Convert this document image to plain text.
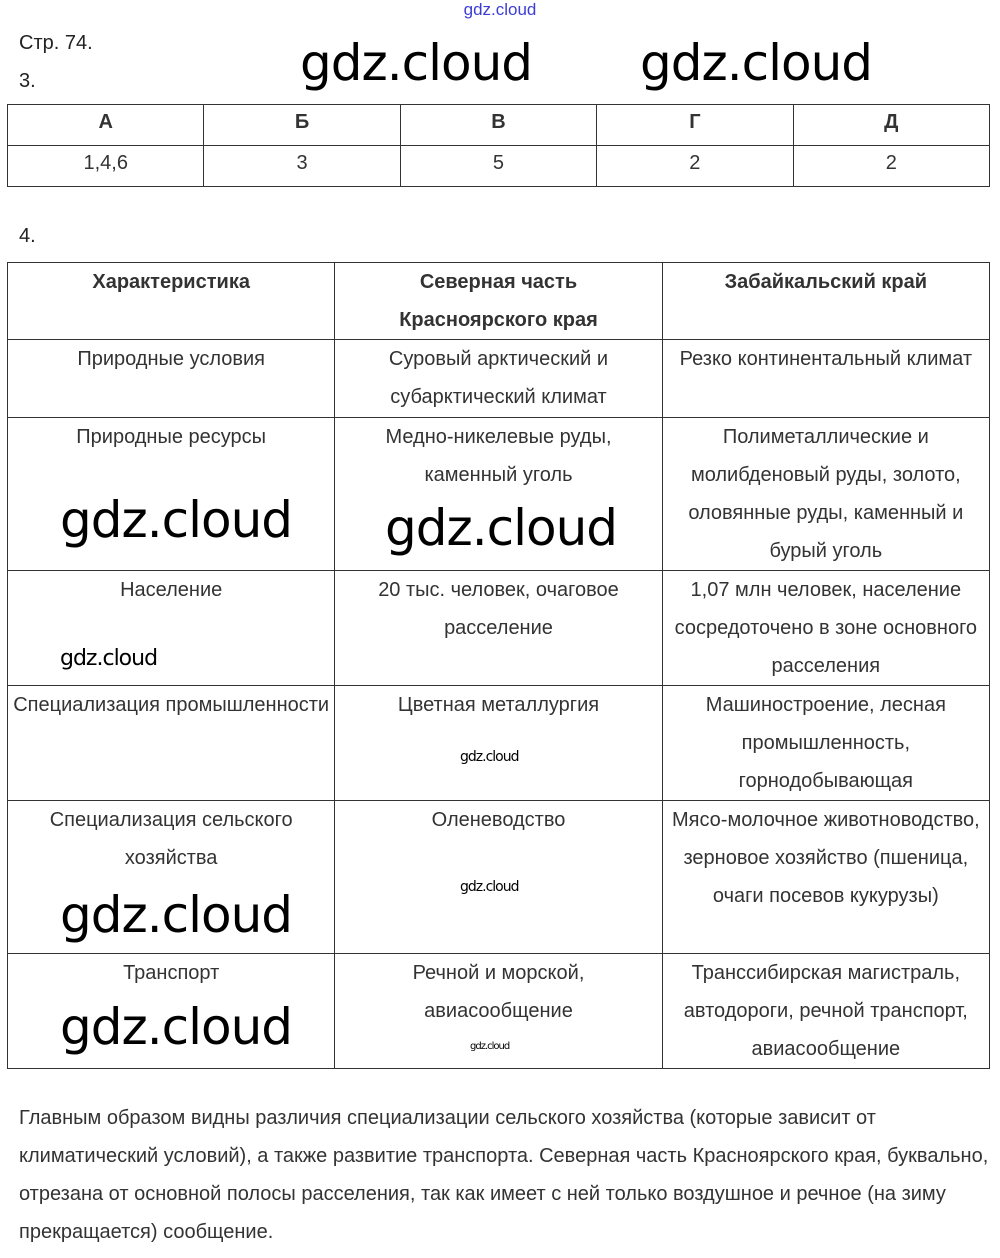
gdz.cloud
Стр. 74.
3.
А	Б	В	Г	Д
1,4,6	3	5	2	2
4.
Характеристика	Северная часть Красноярского края	Забайкальский край
Природные условия	Суровый арктический и субарктический климат	Резко континентальный климат
Природные ресурсы	Медно-никелевые руды, каменный уголь	Полиметаллические и молибденовый руды, золото, оловянные руды, каменный и бурый уголь
Население	20 тыс. человек, очаговое расселение	1,07 млн человек, население сосредоточено в зоне основного расселения
Специализация промышленности	Цветная металлургия	Машиностроение, лесная промышленность, горнодобывающая
Специализация сельского хозяйства	Оленеводство	Мясо-молочное животноводство, зерновое хозяйство (пшеница, очаги посевов кукурузы)
Транспорт	Речной и морской, авиасообщение	Транссибирская магистраль, автодороги, речной транспорт, авиасообщение
Главным образом видны различия специализации сельского хозяйства (которые зависит от климатический условий), а также развитие транспорта. Северная часть Красноярского края, буквально, отрезана от основной полосы расселения, так как имеет с ней только воздушное и речное (на зиму прекращается) сообщение.
gdz.cloud gdz.cloud
gdz.cloud gdz.cloud
gdz.cloud
gdz.cloud
gdz.cloud
gdz.cloud
gdz.cloud	gdz.cloud
